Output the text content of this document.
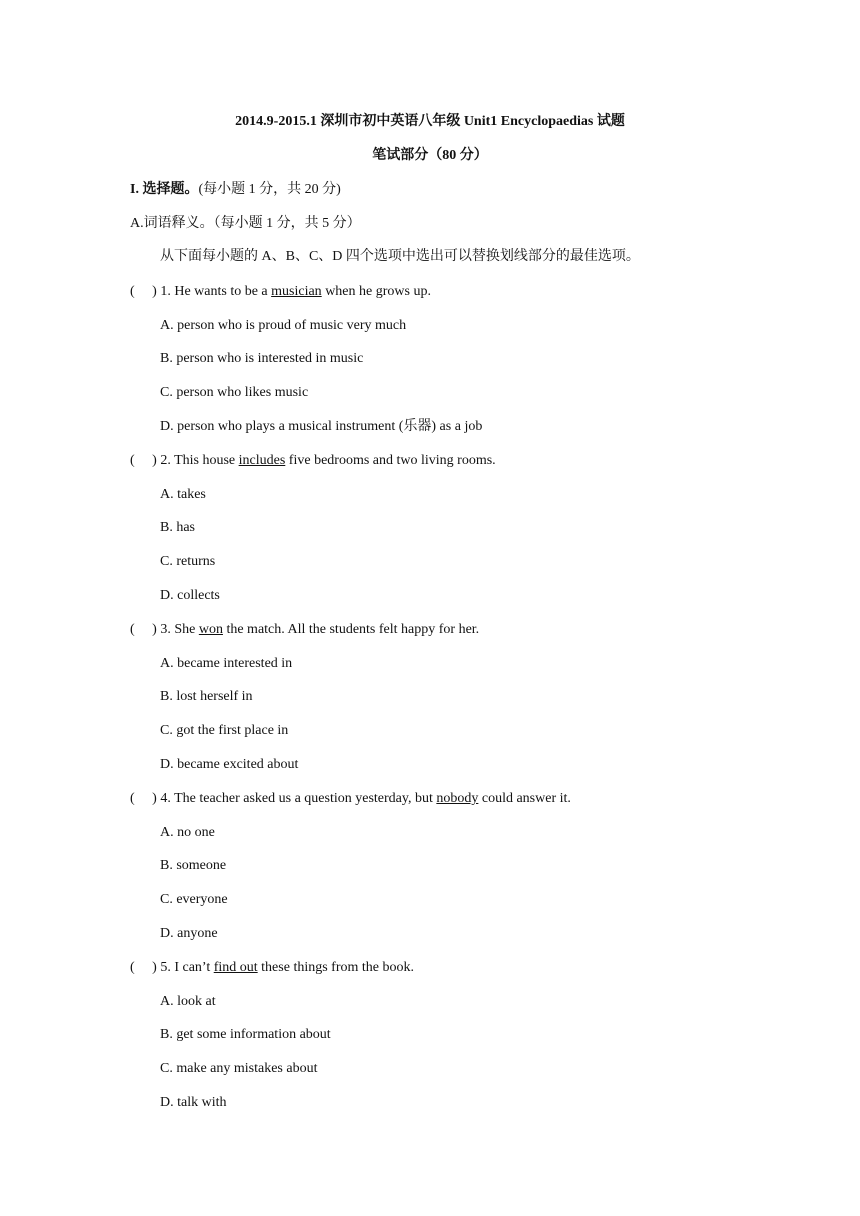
2014.9-2015.1 深圳市初中英语八年级 Unit1 Encyclopaedias 试题
笔试部分（80 分）
I. 选择题。(每小题 1 分，共 20 分)
A.词语释义。（每小题 1 分，共 5 分）
从下面每小题的 A、B、C、D 四个选项中选出可以替换划线部分的最佳选项。
(     ) 1. He wants to be a musician when he grows up.
A. person who is proud of music very much
B. person who is interested in music
C. person who likes music
D. person who plays a musical instrument (乐器) as a job
(     ) 2. This house includes five bedrooms and two living rooms.
A. takes
B. has
C. returns
D. collects
(     ) 3. She won the match. All the students felt happy for her.
A. became interested in
B. lost herself in
C. got the first place in
D. became excited about
(     ) 4. The teacher asked us a question yesterday, but nobody could answer it.
A. no one
B. someone
C. everyone
D. anyone
(     ) 5. I can’t find out these things from the book.
A. look at
B. get some information about
C. make any mistakes about
D. talk with
